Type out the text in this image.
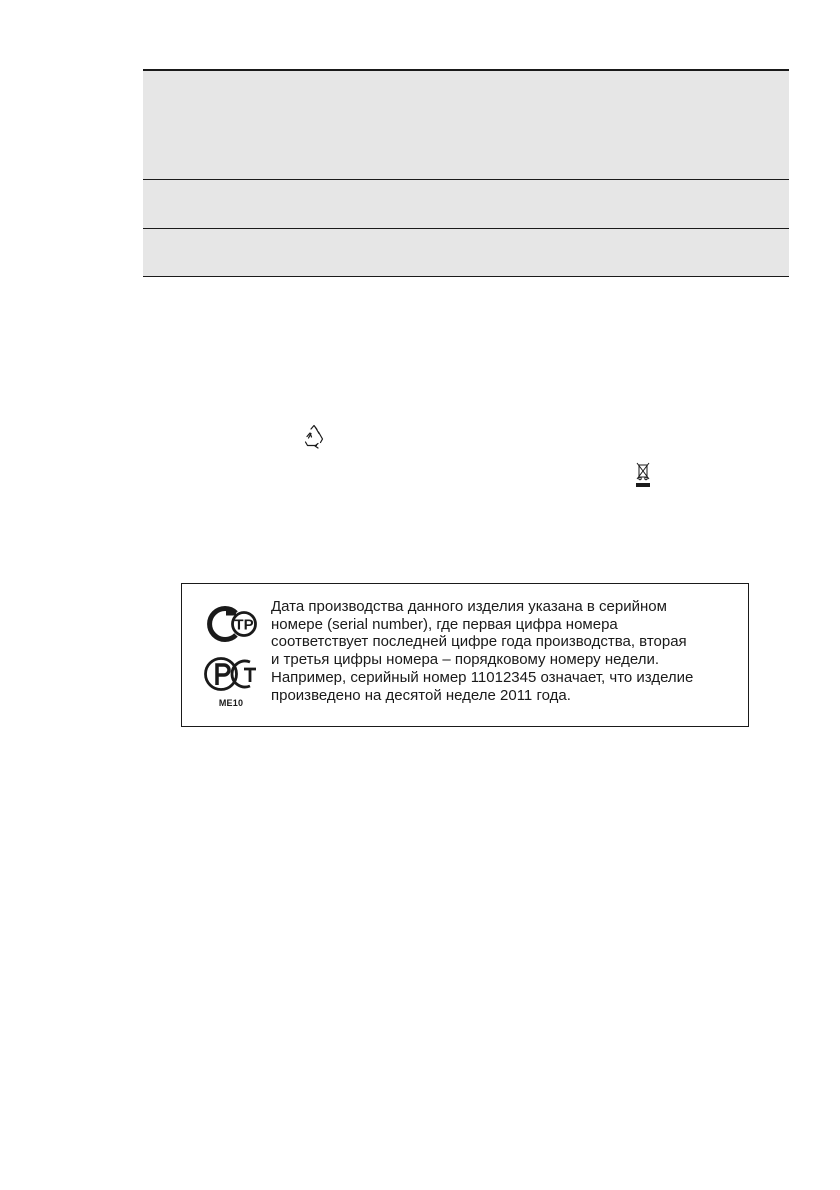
ТР
ME10
Дата производства данного изделия указана в серийном
номере (serial number), где первая цифра номера
соответствует последней цифре года производства, вторая
и третья цифры номера – порядковому номеру недели.
Например, серийный номер 11012345 означает, что изделие
произведено на десятой неделе 2011 года.
